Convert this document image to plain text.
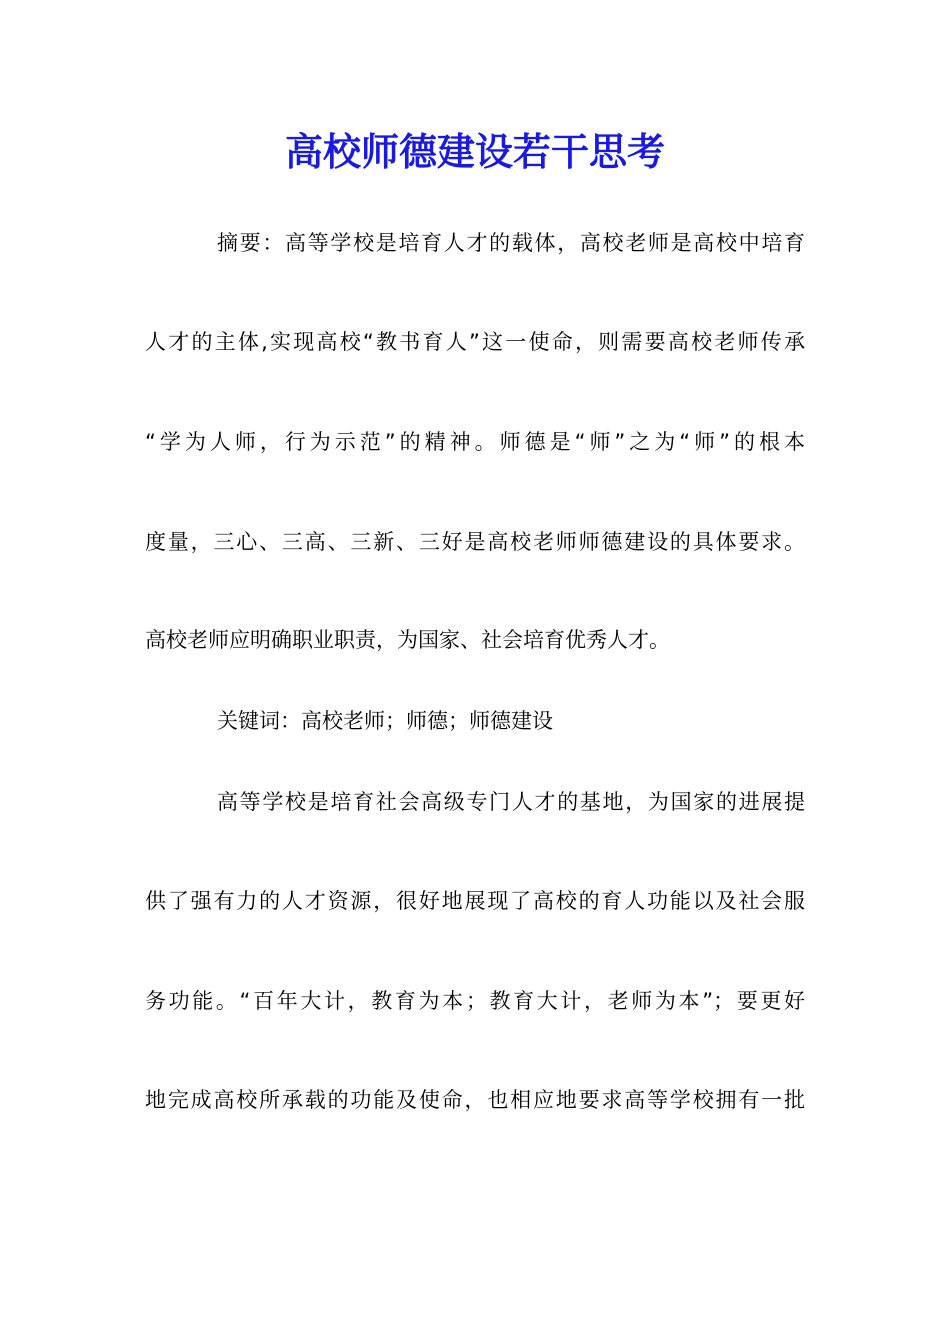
高校师德建设若干思考
摘要：高等学校是培育人才的载体，高校老师是高校中培育
人才的主体,实现高校“教书育人”这一使命，则需要高校老师传承
“学为人师，行为示范”的精神。师德是“师”之为“师”的根本
度量，三心、三高、三新、三好是高校老师师德建设的具体要求。
高校老师应明确职业职责，为国家、社会培育优秀人才。
关键词：高校老师；师德；师德建设
高等学校是培育社会高级专门人才的基地，为国家的进展提
供了强有力的人才资源，很好地展现了高校的育人功能以及社会服
务功能。“百年大计，教育为本；教育大计，老师为本”；要更好
地完成高校所承载的功能及使命，也相应地要求高等学校拥有一批
